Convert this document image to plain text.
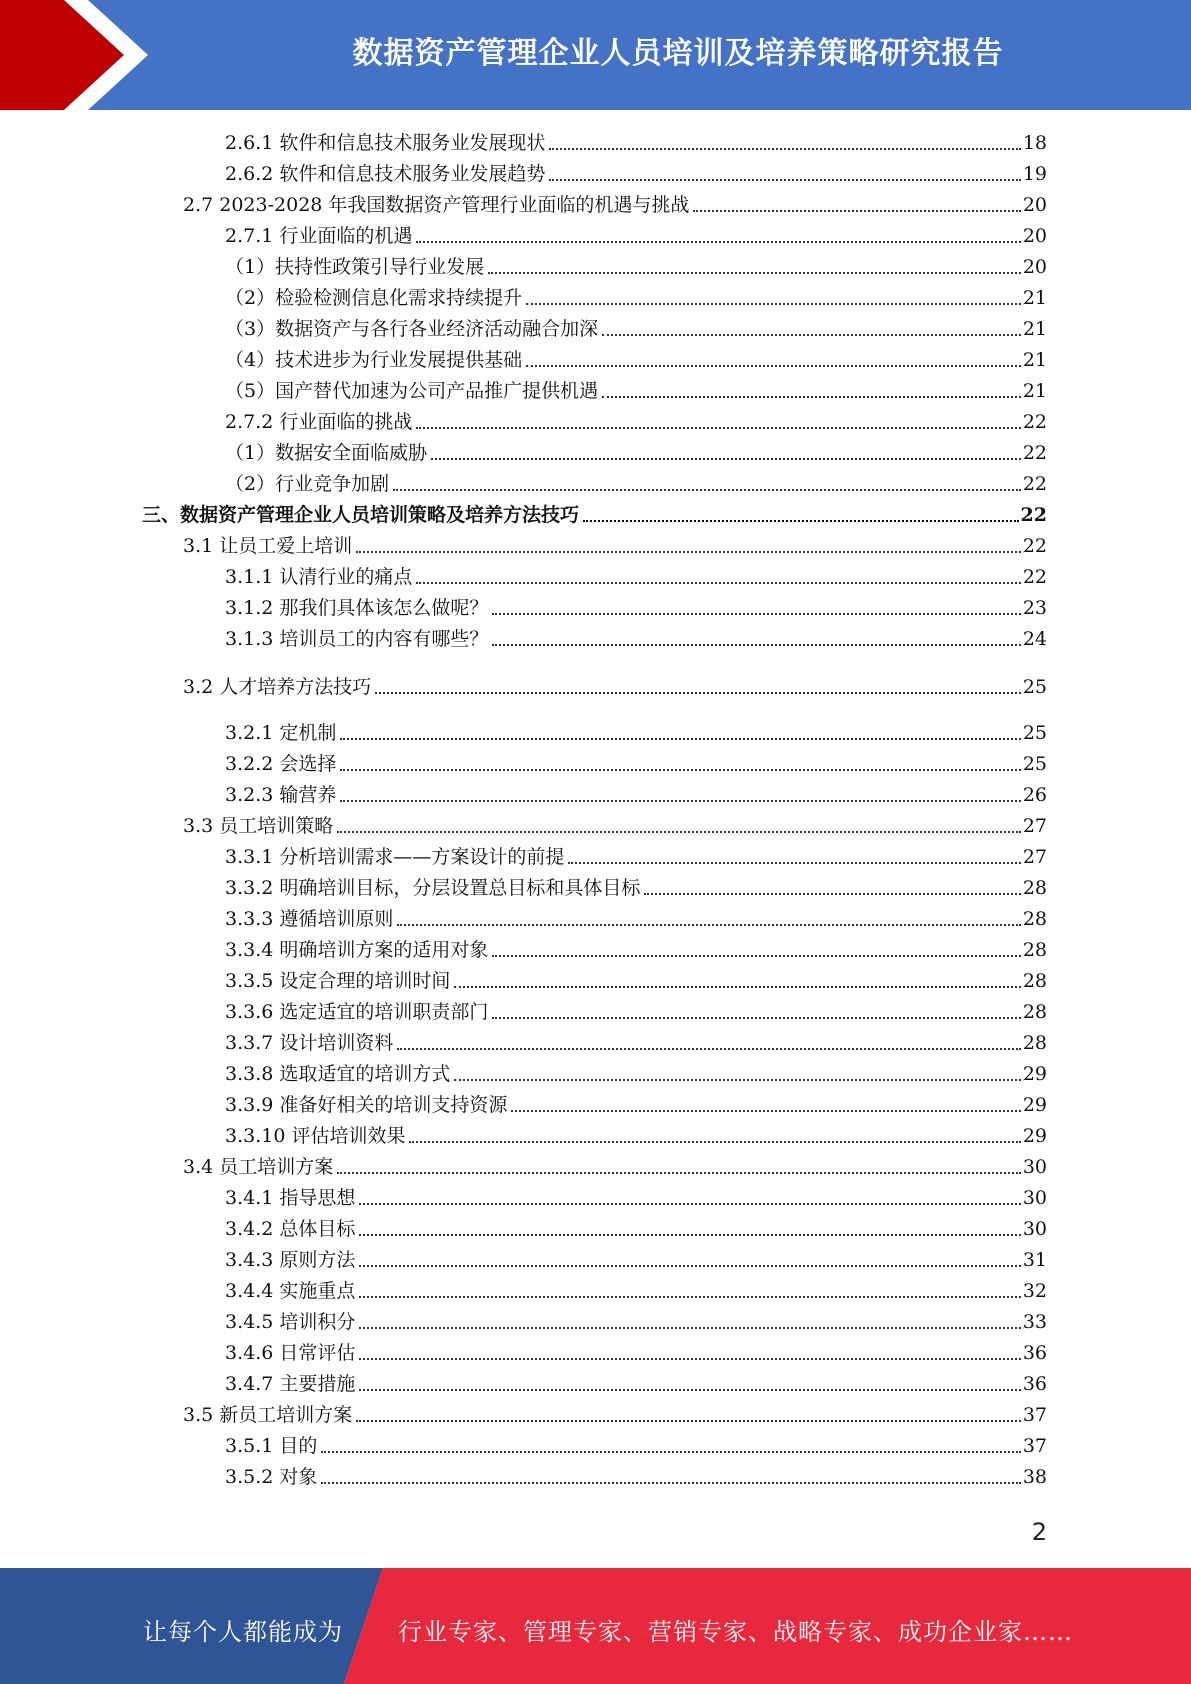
数据资产管理企业人员培训及培养策略研究报告
2.6.1 软件和信息技术服务业发展现状	18
2.6.2 软件和信息技术服务业发展趋势	19
2.7 2023-2028 年我国数据资产管理行业面临的机遇与挑战	20
2.7.1 行业面临的机遇	20
（1）扶持性政策引导行业发展	20
（2）检验检测信息化需求持续提升	21
（3）数据资产与各行各业经济活动融合加深	21
（4）技术进步为行业发展提供基础	21
（5）国产替代加速为公司产品推广提供机遇	21
2.7.2 行业面临的挑战	22
（1）数据安全面临威胁	22
（2）行业竞争加剧	22
三、数据资产管理企业人员培训策略及培养方法技巧	22
3.1 让员工爱上培训	22
3.1.1 认清行业的痛点	22
3.1.2 那我们具体该怎么做呢？	23
3.1.3 培训员工的内容有哪些？	24
3.2 人才培养方法技巧	25
3.2.1 定机制	25
3.2.2 会选择	25
3.2.3 输营养	26
3.3 员工培训策略	27
3.3.1 分析培训需求——方案设计的前提	27
3.3.2 明确培训目标，分层设置总目标和具体目标	28
3.3.3 遵循培训原则	28
3.3.4 明确培训方案的适用对象	28
3.3.5 设定合理的培训时间	28
3.3.6 选定适宜的培训职责部门	28
3.3.7 设计培训资料	28
3.3.8 选取适宜的培训方式	29
3.3.9 准备好相关的培训支持资源	29
3.3.10 评估培训效果	29
3.4 员工培训方案	30
3.4.1 指导思想	30
3.4.2 总体目标	30
3.4.3 原则方法	31
3.4.4 实施重点	32
3.4.5 培训积分	33
3.4.6 日常评估	36
3.4.7 主要措施	36
3.5 新员工培训方案	37
3.5.1 目的	37
3.5.2 对象	38
2
让每个人都能成为 行业专家、管理专家、营销专家、战略专家、成功企业家……
